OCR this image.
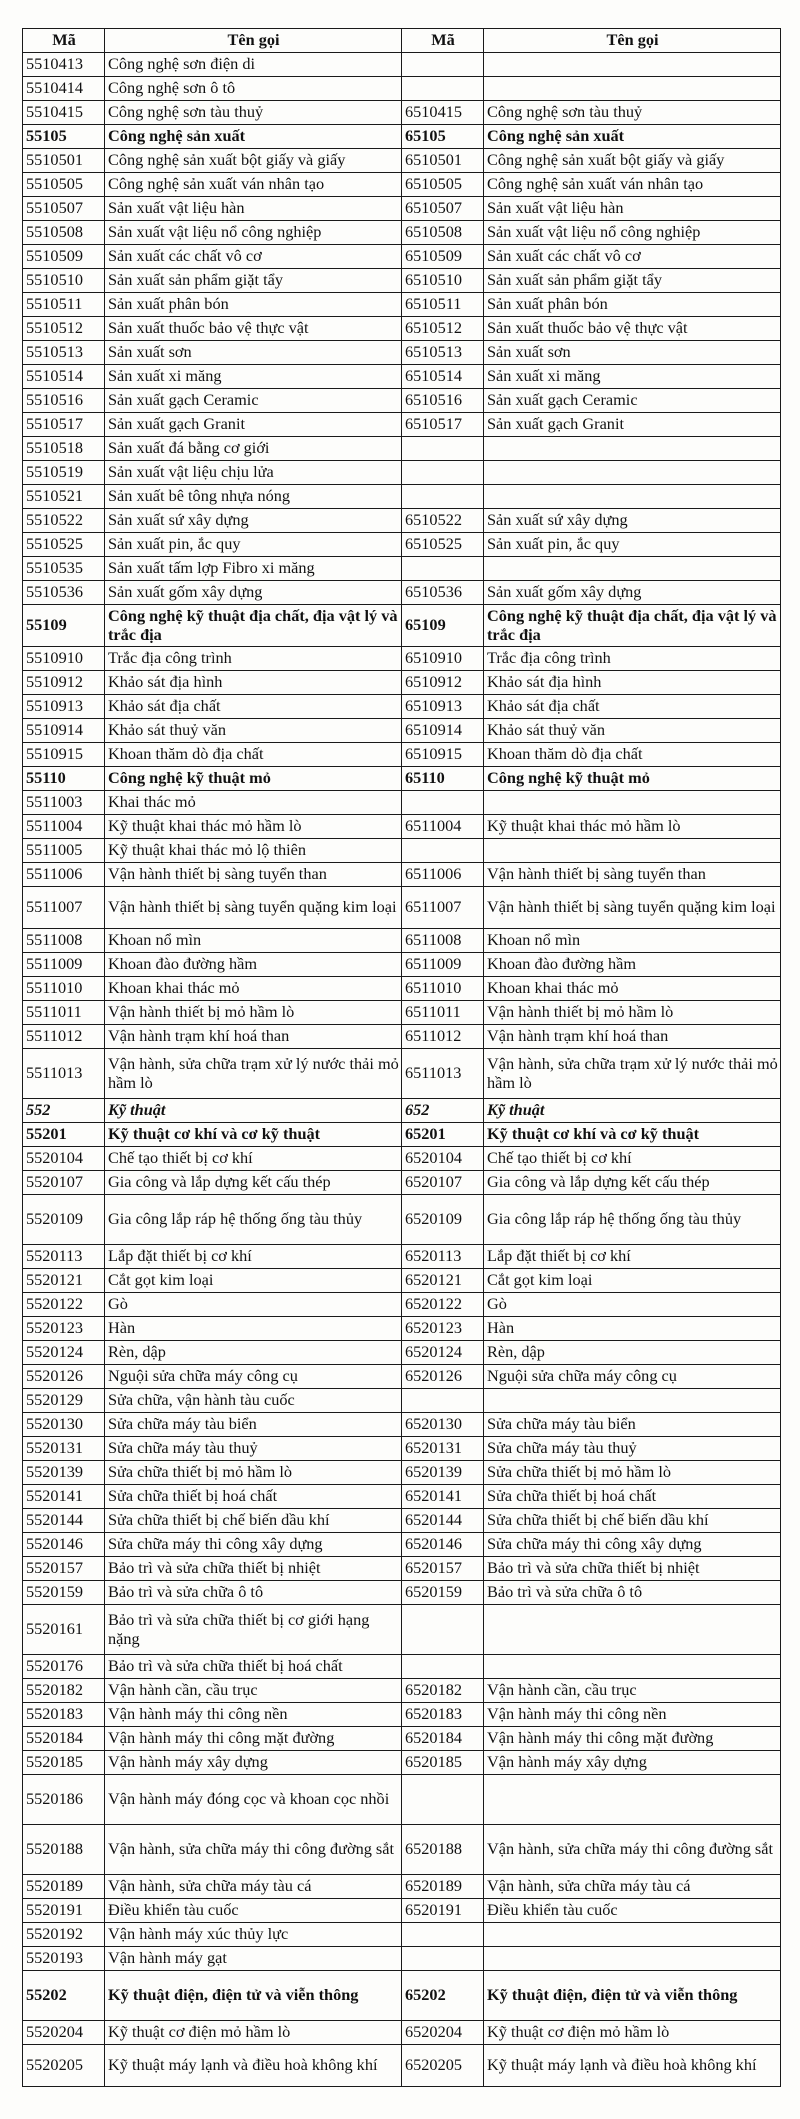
Mã	Tên gọi	Mã	Tên gọi
5510413	Công nghệ sơn điện di		
5510414	Công nghệ sơn ô tô		
5510415	Công nghệ sơn tàu thuỷ	6510415	Công nghệ sơn tàu thuỷ
55105	Công nghệ sản xuất	65105	Công nghệ sản xuất
5510501	Công nghệ sản xuất bột giấy và giấy	6510501	Công nghệ sản xuất bột giấy và giấy
5510505	Công nghệ sản xuất ván nhân tạo	6510505	Công nghệ sản xuất ván nhân tạo
5510507	Sản xuất vật liệu hàn	6510507	Sản xuất vật liệu hàn
5510508	Sản xuất vật liệu nổ công nghiệp	6510508	Sản xuất vật liệu nổ công nghiệp
5510509	Sản xuất các chất vô cơ	6510509	Sản xuất các chất vô cơ
5510510	Sản xuất sản phẩm giặt tẩy	6510510	Sản xuất sản phẩm giặt tẩy
5510511	Sản xuất phân bón	6510511	Sản xuất phân bón
5510512	Sản xuất thuốc bảo vệ thực vật	6510512	Sản xuất thuốc bảo vệ thực vật
5510513	Sản xuất sơn	6510513	Sản xuất sơn
5510514	Sản xuất xi măng	6510514	Sản xuất xi măng
5510516	Sản xuất gạch Ceramic	6510516	Sản xuất gạch Ceramic
5510517	Sản xuất gạch Granit	6510517	Sản xuất gạch Granit
5510518	Sản xuất đá bằng cơ giới		
5510519	Sản xuất vật liệu chịu lửa		
5510521	Sản xuất bê tông nhựa nóng		
5510522	Sản xuất sứ xây dựng	6510522	Sản xuất sứ xây dựng
5510525	Sản xuất pin, ắc quy	6510525	Sản xuất pin, ắc quy
5510535	Sản xuất tấm lợp Fibro xi măng		
5510536	Sản xuất gốm xây dựng	6510536	Sản xuất gốm xây dựng
55109	Công nghệ kỹ thuật địa chất, địa vật lý và trắc địa	65109	Công nghệ kỹ thuật địa chất, địa vật lý và trắc địa
5510910	Trắc địa công trình	6510910	Trắc địa công trình
5510912	Khảo sát địa hình	6510912	Khảo sát địa hình
5510913	Khảo sát địa chất	6510913	Khảo sát địa chất
5510914	Khảo sát thuỷ văn	6510914	Khảo sát thuỷ văn
5510915	Khoan thăm dò địa chất	6510915	Khoan thăm dò địa chất
55110	Công nghệ kỹ thuật mỏ	65110	Công nghệ kỹ thuật mỏ
5511003	Khai thác mỏ		
5511004	Kỹ thuật khai thác mỏ hầm lò	6511004	Kỹ thuật khai thác mỏ hầm lò
5511005	Kỹ thuật khai thác mỏ lộ thiên		
5511006	Vận hành thiết bị sàng tuyển than	6511006	Vận hành thiết bị sàng tuyển than
5511007	Vận hành thiết bị sàng tuyển quặng kim loại	6511007	Vận hành thiết bị sàng tuyển quặng kim loại
5511008	Khoan nổ mìn	6511008	Khoan nổ mìn
5511009	Khoan đào đường hầm	6511009	Khoan đào đường hầm
5511010	Khoan khai thác mỏ	6511010	Khoan khai thác mỏ
5511011	Vận hành thiết bị mỏ hầm lò	6511011	Vận hành thiết bị mỏ hầm lò
5511012	Vận hành trạm khí hoá than	6511012	Vận hành trạm khí hoá than
5511013	Vận hành, sửa chữa trạm xử lý nước thải mỏ hầm lò	6511013	Vận hành, sửa chữa trạm xử lý nước thải mỏ hầm lò
552	Kỹ thuật	652	Kỹ thuật
55201	Kỹ thuật cơ khí và cơ kỹ thuật	65201	Kỹ thuật cơ khí và cơ kỹ thuật
5520104	Chế tạo thiết bị cơ khí	6520104	Chế tạo thiết bị cơ khí
5520107	Gia công và lắp dựng kết cấu thép	6520107	Gia công và lắp dựng kết cấu thép
5520109	Gia công lắp ráp hệ thống ống tàu thủy	6520109	Gia công lắp ráp hệ thống ống tàu thủy
5520113	Lắp đặt thiết bị cơ khí	6520113	Lắp đặt thiết bị cơ khí
5520121	Cắt gọt kim loại	6520121	Cắt gọt kim loại
5520122	Gò	6520122	Gò
5520123	Hàn	6520123	Hàn
5520124	Rèn, dập	6520124	Rèn, dập
5520126	Nguội sửa chữa máy công cụ	6520126	Nguội sửa chữa máy công cụ
5520129	Sửa chữa, vận hành tàu cuốc		
5520130	Sửa chữa máy tàu biển	6520130	Sửa chữa máy tàu biển
5520131	Sửa chữa máy tàu thuỷ	6520131	Sửa chữa máy tàu thuỷ
5520139	Sửa chữa thiết bị mỏ hầm lò	6520139	Sửa chữa thiết bị mỏ hầm lò
5520141	Sửa chữa thiết bị hoá chất	6520141	Sửa chữa thiết bị hoá chất
5520144	Sửa chữa thiết bị chế biến dầu khí	6520144	Sửa chữa thiết bị chế biến dầu khí
5520146	Sửa chữa máy thi công xây dựng	6520146	Sửa chữa máy thi công xây dựng
5520157	Bảo trì và sửa chữa thiết bị nhiệt	6520157	Bảo trì và sửa chữa thiết bị nhiệt
5520159	Bảo trì và sửa chữa ô tô	6520159	Bảo trì và sửa chữa ô tô
5520161	Bảo trì và sửa chữa thiết bị cơ giới hạng nặng		
5520176	Bảo trì và sửa chữa thiết bị hoá chất		
5520182	Vận hành cần, cầu trục	6520182	Vận hành cần, cầu trục
5520183	Vận hành máy thi công nền	6520183	Vận hành máy thi công nền
5520184	Vận hành máy thi công mặt đường	6520184	Vận hành máy thi công mặt đường
5520185	Vận hành máy xây dựng	6520185	Vận hành máy xây dựng
5520186	Vận hành máy đóng cọc và khoan cọc nhồi		
5520188	Vận hành, sửa chữa máy thi công đường sắt	6520188	Vận hành, sửa chữa máy thi công đường sắt
5520189	Vận hành, sửa chữa máy tàu cá	6520189	Vận hành, sửa chữa máy tàu cá
5520191	Điều khiển tàu cuốc	6520191	Điều khiển tàu cuốc
5520192	Vận hành máy xúc thủy lực		
5520193	Vận hành máy gạt		
55202	Kỹ thuật điện, điện tử và viễn thông	65202	Kỹ thuật điện, điện tử và viễn thông
5520204	Kỹ thuật cơ điện mỏ hầm lò	6520204	Kỹ thuật cơ điện mỏ hầm lò
5520205	Kỹ thuật máy lạnh và điều hoà không khí	6520205	Kỹ thuật máy lạnh và điều hoà không khí
